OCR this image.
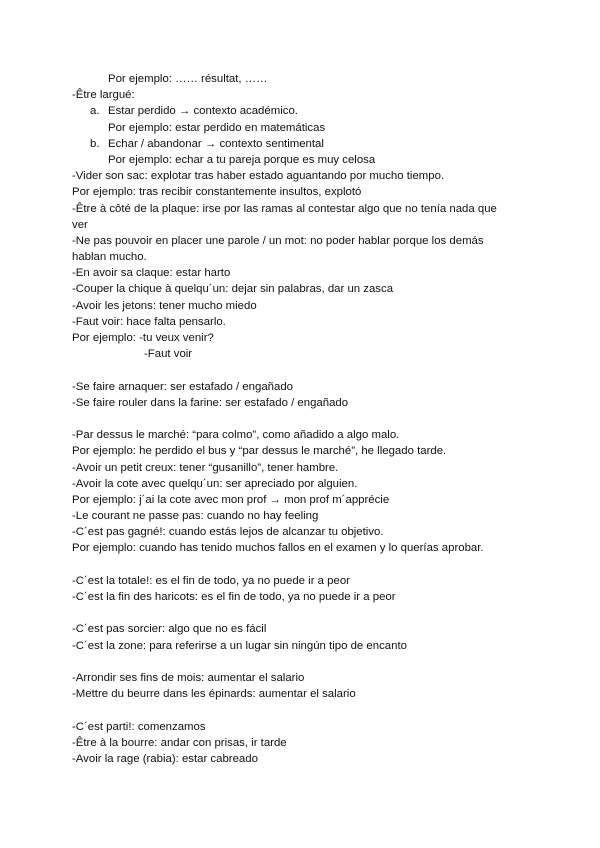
Por ejemplo: …… résultat, ……
-Être largué:
a. Estar perdido → contexto académico.
Por ejemplo: estar perdido en matemáticas
b. Echar / abandonar → contexto sentimental
Por ejemplo: echar a tu pareja porque es muy celosa
-Vider son sac: explotar tras haber estado aguantando por mucho tiempo.
Por ejemplo: tras recibir constantemente insultos, explotó
-Être à côté de la plaque: irse por las ramas al contestar algo que no tenía nada que
ver
-Ne pas pouvoir en placer une parole / un mot: no poder hablar porque los demás
hablan mucho.
-En avoir sa claque: estar harto
-Couper la chique à quelqu´un: dejar sin palabras, dar un zasca
-Avoir les jetons: tener mucho miedo
-Faut voir: hace falta pensarlo.
Por ejemplo: -tu veux venir?
-Faut voir
-Se faire arnaquer: ser estafado / engañado
-Se faire rouler dans la farine: ser estafado / engañado
-Par dessus le marché: “para colmo”, como añadido a algo malo.
Por ejemplo: he perdido el bus y “par dessus le marché”, he llegado tarde.
-Avoir un petit creux: tener “gusanillo”, tener hambre.
-Avoir la cote avec quelqu´un: ser apreciado por alguien.
Por ejemplo: j´ai la cote avec mon prof → mon prof m´apprécie
-Le courant ne passe pas: cuando no hay feeling
-C´est pas gagné!: cuando estás lejos de alcanzar tu objetivo.
Por ejemplo: cuando has tenido muchos fallos en el examen y lo querías aprobar.
-C´est la totale!: es el fin de todo, ya no puede ir a peor
-C´est la fin des haricots: es el fin de todo, ya no puede ir a peor
-C´est pas sorcier: algo que no es fácil
-C´est la zone: para referirse a un lugar sin ningún tipo de encanto
-Arrondir ses fins de mois: aumentar el salario
-Mettre du beurre dans les épinards: aumentar el salario
-C´est parti!: comenzamos
-Être à la bourre: andar con prisas, ir tarde
-Avoir la rage (rabia): estar cabreado
